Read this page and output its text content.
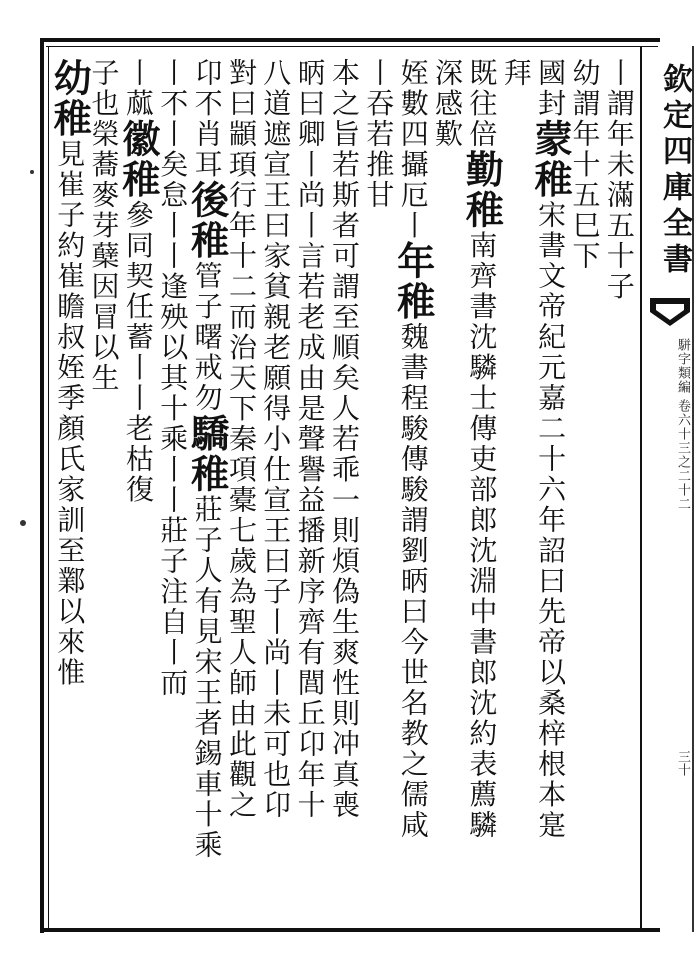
欽定四庫全書
駢字類編 卷六十三之二十二
三十
丨謂年未滿五十子
幼謂年十五巳下
國封蒙稚宋書文帝紀元嘉二十六年詔曰先帝以桑梓根本寔
拜
既往倍勤稚南齊書沈驎士傳吏部郎沈淵中書郎沈約表薦驎
深感歎
姪數四攝厄丨年稚魏書程駿傳駿謂劉昞曰今世名教之儒咸
丨吞若推甘
本之旨若斯者可謂至順矣人若乖一則煩偽生爽性則冲真喪
昞曰卿丨尚丨言若老成由是聲譽益播新序齊有閭丘卬年十
八道遮宣王曰家貧親老願得小仕宣王曰子丨尚丨未可也卬
對曰顓頊行年十二而治天下秦項橐七歲為聖人師由此觀之
卬不肖耳後稚管子曙戒勿驕稚莊子人有見宋王者錫車十乘
丨不丨矣怠丨丨逢殃以其十乘丨丨莊子注自丨而
丨蓏徽稚參同契任蓄丨丨老枯復
子也榮蕎麥芽蘖因冒以生
幼稚見崔子約崔瞻叔姪季顏氏家訓至鄴以來惟
